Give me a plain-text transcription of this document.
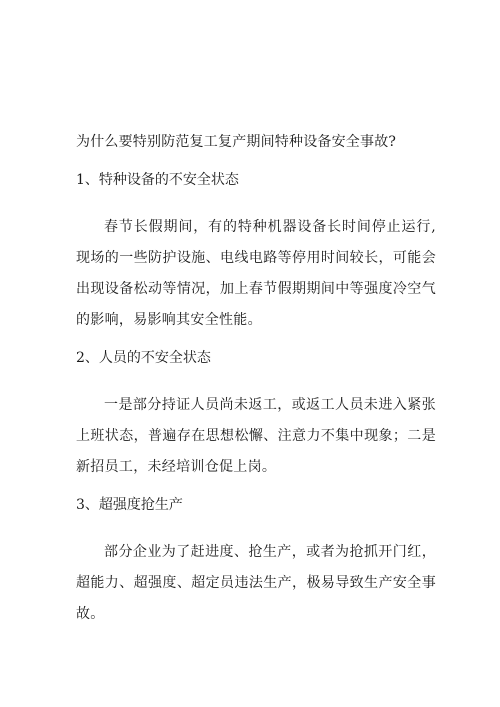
为什么要特别防范复工复产期间特种设备安全事故?

1、特种设备的不安全状态

春节长假期间，有的特种机器设备长时间停止运行,现场的一些防护设施、电线电路等停用时间较长，可能会出现设备松动等情况，加上春节假期期间中等强度冷空气的影响，易影响其安全性能。

2、人员的不安全状态

一是部分持证人员尚未返工，或返工人员未进入紧张上班状态，普遍存在思想松懈、注意力不集中现象；二是新招员工，未经培训仓促上岗。

3、超强度抢生产

部分企业为了赶进度、抢生产，或者为抢抓开门红，超能力、超强度、超定员违法生产，极易导致生产安全事故。
